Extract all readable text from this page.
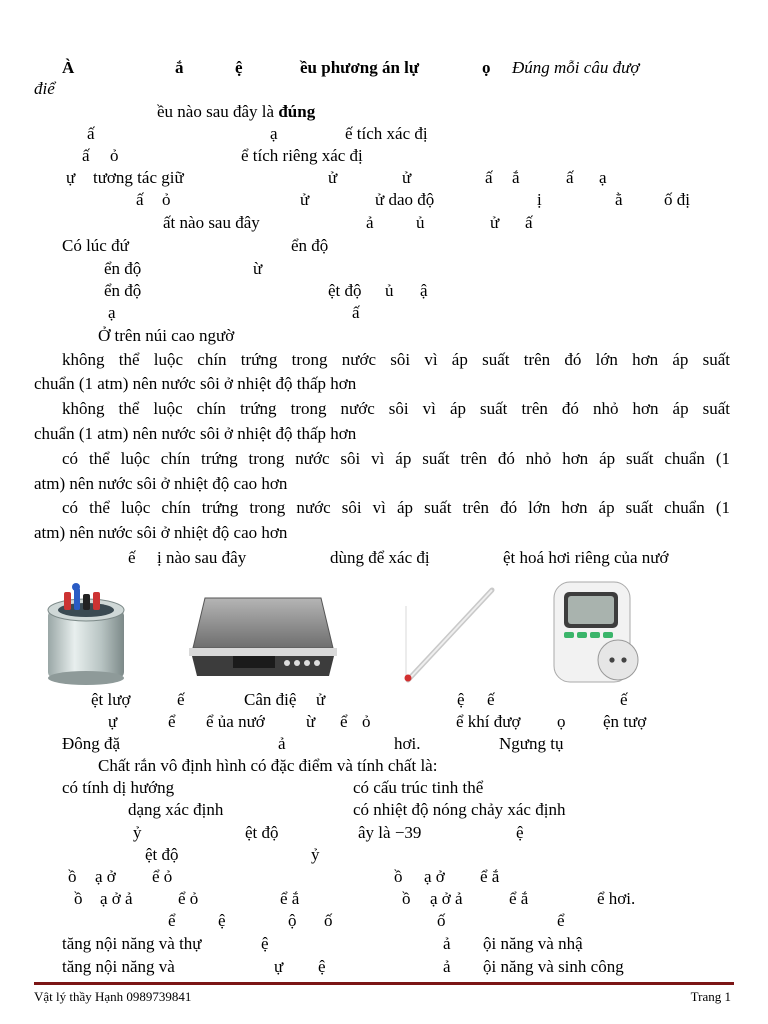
À	ắ	ệ	ều phương án lự	ọ Đúng mỗi câu đượ
điể
ều nào sau đây là đúng
ấ	ạ	ế tích xác đị
ấ ỏ	ể tích riêng xác đị
ự tương tác giữ	ử	ử	ấ ắ	ấ ạ
ấ ỏ	ử	ử dao độ	ị	ằ ố đị
ất nào sau đây	ả ủ	ử ấ
Có lúc đứ	ển độ
ển độ	ừ
ển độ	ệt độ ủ ậ
ạ	ấ
Ở trên núi cao ngườ
không thể luộc chín trứng trong nước sôi vì áp suất trên đó lớn hơn áp suất
chuẩn (1 atm) nên nước sôi ở nhiệt độ thấp hơn
không thể luộc chín trứng trong nước sôi vì áp suất trên đó nhỏ hơn áp suất
chuẩn (1 atm) nên nước sôi ở nhiệt độ thấp hơn
có thể luộc chín trứng trong nước sôi vì áp suất trên đó nhỏ hơn áp suất chuẩn (1
atm) nên nước sôi ở nhiệt độ cao hơn
có thể luộc chín trứng trong nước sôi vì áp suất trên đó lớn hơn áp suất chuẩn (1
atm) nên nước sôi ở nhiệt độ cao hơn
ế ị nào sau đây	dùng để xác đị	ệt hoá hơi riêng của nướ
ệt lượ	ế	Cân điệ ử	ệ ế	ế
ự	ể ể ủa nướ ừ ể ỏ	ể khí đượ ọ ện tượ
Đông đặ	ả	hơi.	Ngưng tụ
Chất rắn vô định hình có đặc điểm và tính chất là:
có tính dị hướng	có cấu trúc tinh thể
dạng xác định	có nhiệt độ nóng chảy xác định
ỷ	ệt độ	ây là −39	ệ
ệt độ	ỷ
ồ ạ ở ể ỏ	ồ ạ ở ể ắ
ồ ạ ở ả	ể ỏ	ể ắ	ồ ạ ở ả	ể ắ	ể hơi.
ể ệ	ộ ố	ố	ể
tăng nội năng và thự	ệ	ả ội năng và nhậ
tăng nội năng và	ự ệ	ả ội năng và sinh công
Vật lý thầy Hạnh 0989739841	Trang 1
